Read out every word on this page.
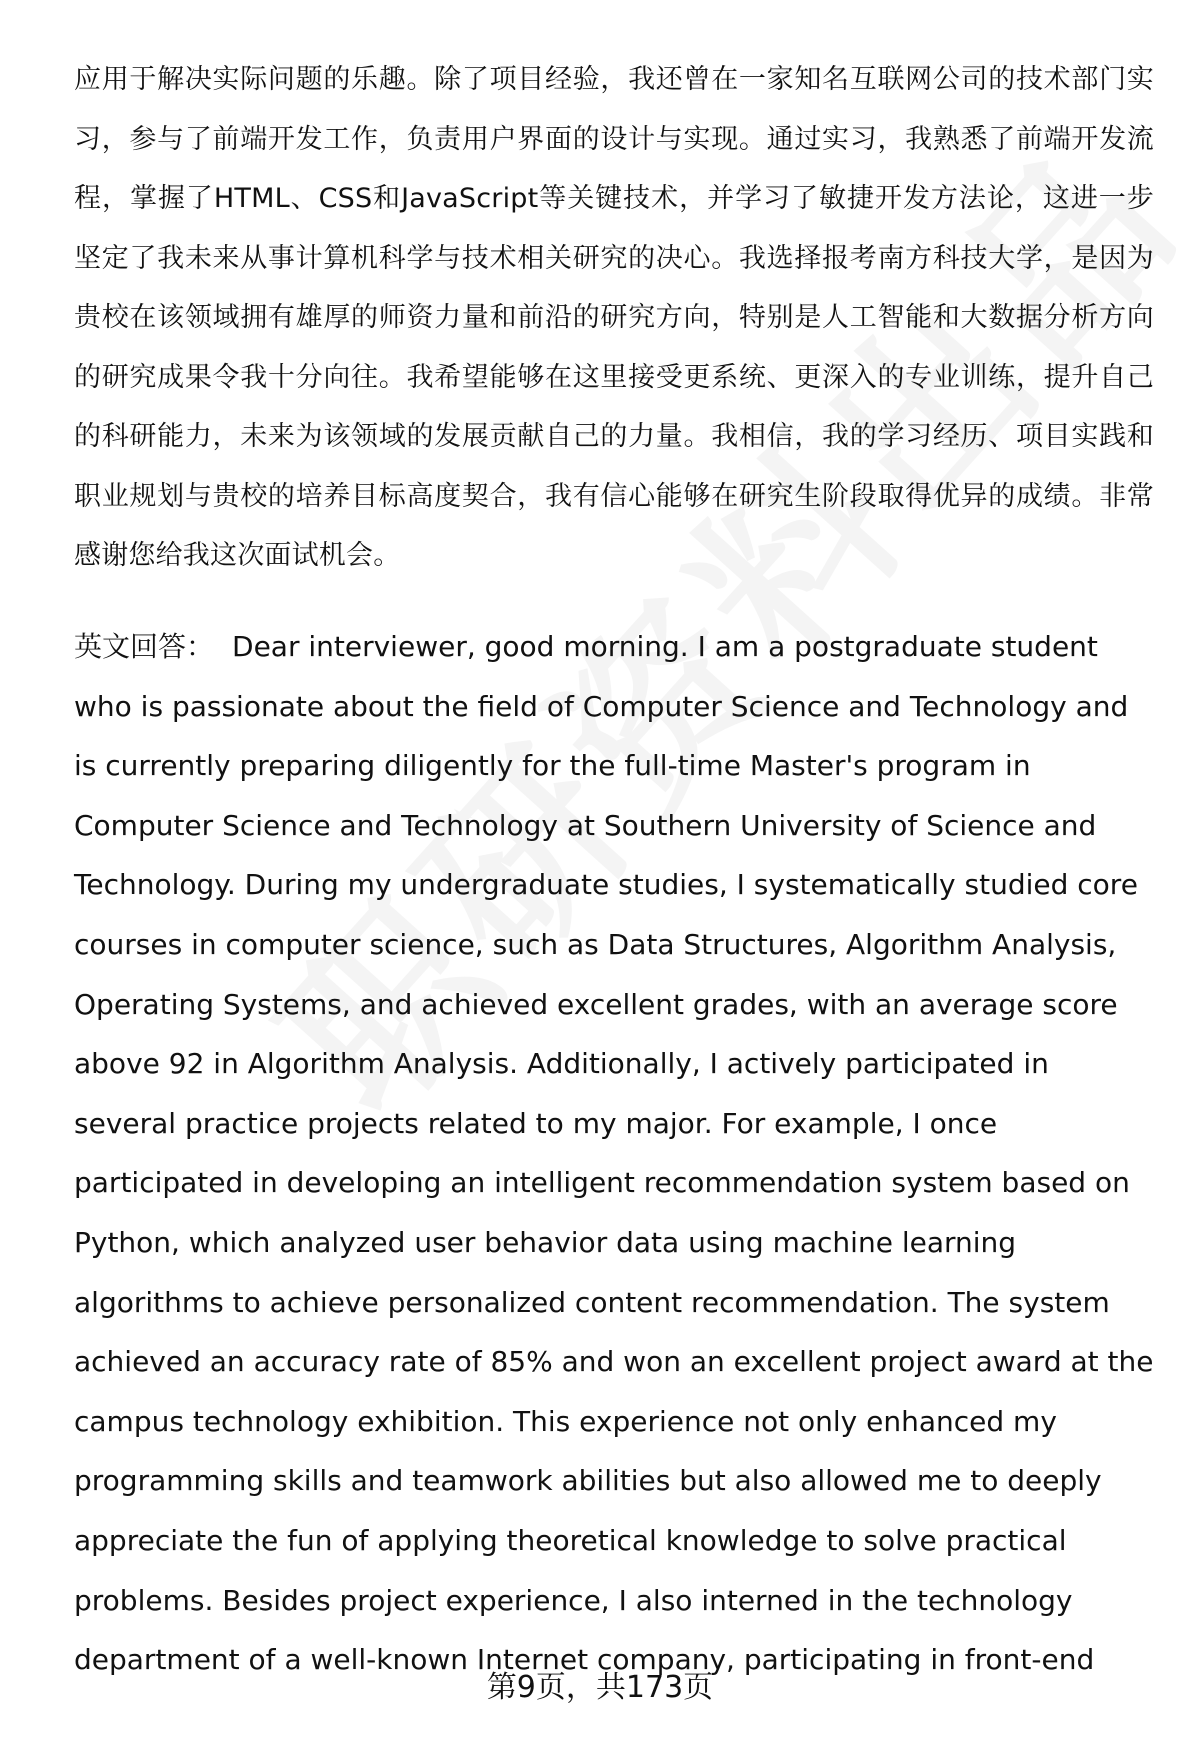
应用于解决实际问题的乐趣。除了项目经验，我还曾在一家知名互联网公司的技术部门实习，参与了前端开发工作，负责用户界面的设计与实现。通过实习，我熟悉了前端开发流程，掌握了HTML、CSS和JavaScript等关键技术，并学习了敏捷开发方法论，这进一步坚定了我未来从事计算机科学与技术相关研究的决心。我选择报考南方科技大学，是因为贵校在该领域拥有雄厚的师资力量和前沿的研究方向，特别是人工智能和大数据分析方向的研究成果令我十分向往。我希望能够在这里接受更系统、更深入的专业训练，提升自己的科研能力，未来为该领域的发展贡献自己的力量。我相信，我的学习经历、项目实践和职业规划与贵校的培养目标高度契合，我有信心能够在研究生阶段取得优异的成绩。非常感谢您给我这次面试机会。

英文回答： Dear interviewer, good morning. I am a postgraduate student who is passionate about the field of Computer Science and Technology and is currently preparing diligently for the full-time Master's program in Computer Science and Technology at Southern University of Science and Technology. During my undergraduate studies, I systematically studied core courses in computer science, such as Data Structures, Algorithm Analysis, Operating Systems, and achieved excellent grades, with an average score above 92 in Algorithm Analysis. Additionally, I actively participated in several practice projects related to my major. For example, I once participated in developing an intelligent recommendation system based on Python, which analyzed user behavior data using machine learning algorithms to achieve personalized content recommendation. The system achieved an accuracy rate of 85% and won an excellent project award at the campus technology exhibition. This experience not only enhanced my programming skills and teamwork abilities but also allowed me to deeply appreciate the fun of applying theoretical knowledge to solve practical problems. Besides project experience, I also interned in the technology department of a well-known Internet company, participating in front-end

第9页，共173页
